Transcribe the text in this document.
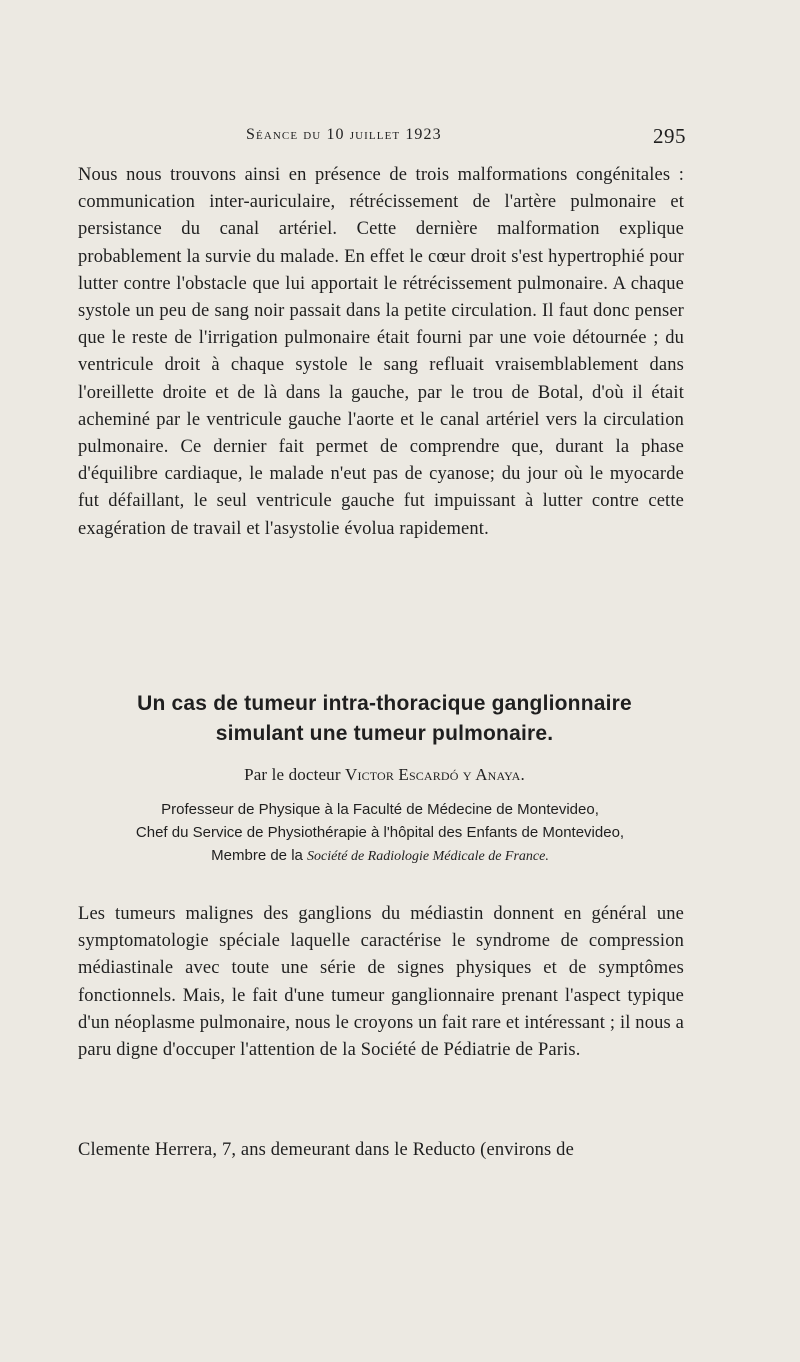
Séance du 10 juillet 1923	295

Nous nous trouvons ainsi en présence de trois malformations congénitales : communication inter-auriculaire, rétrécissement de l'artère pulmonaire et persistance du canal artériel. Cette dernière malformation explique probablement la survie du malade. En effet le cœur droit s'est hypertrophié pour lutter contre l'obstacle que lui apportait le rétrécissement pulmonaire. A chaque systole un peu de sang noir passait dans la petite circulation. Il faut donc penser que le reste de l'irrigation pulmonaire était fourni par une voie détournée ; du ventricule droit à chaque systole le sang refluait vraisemblablement dans l'oreillette droite et de là dans la gauche, par le trou de Botal, d'où il était acheminé par le ventricule gauche l'aorte et le canal artériel vers la circulation pulmonaire. Ce dernier fait permet de comprendre que, durant la phase d'équilibre cardiaque, le malade n'eut pas de cyanose; du jour où le myocarde fut défaillant, le seul ventricule gauche fut impuissant à lutter contre cette exagération de travail et l'asystolie évolua rapidement.

Un cas de tumeur intra-thoracique ganglionnaire
simulant une tumeur pulmonaire.
Par le docteur Victor Escardó y Anaya.
Professeur de Physique à la Faculté de Médecine de Montevideo,
Chef du Service de Physiothérapie à l'hôpital des Enfants de Montevideo,
Membre de la Société de Radiologie Médicale de France.

Les tumeurs malignes des ganglions du médiastin donnent en général une symptomatologie spéciale laquelle caractérise le syndrome de compression médiastinale avec toute une série de signes physiques et de symptômes fonctionnels. Mais, le fait d'une tumeur ganglionnaire prenant l'aspect typique d'un néoplasme pulmonaire, nous le croyons un fait rare et intéressant ; il nous a paru digne d'occuper l'attention de la Société de Pédiatrie de Paris.

Clemente Herrera, 7, ans demeurant dans le Reducto (environs de
